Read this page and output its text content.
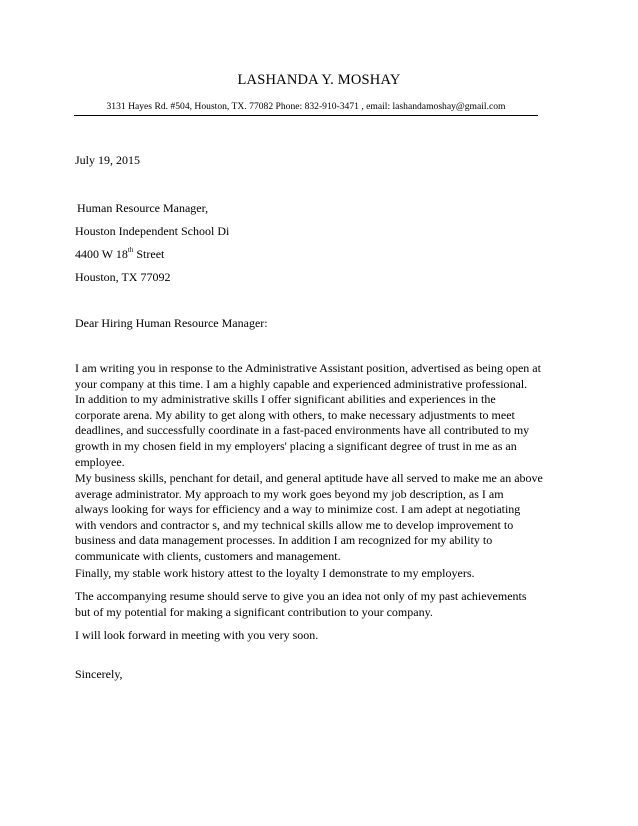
LASHANDA Y. MOSHAY
3131 Hayes Rd. #504, Houston, TX. 77082 Phone: 832-910-3471 , email: lashandamoshay@gmail.com
July 19, 2015
Human Resource Manager,
Houston Independent School Di
4400 W 18th Street
Houston, TX 77092
Dear Hiring Human Resource Manager:
I am writing you in response to the Administrative Assistant position, advertised as being open at
your company at this time. I am a highly capable and experienced administrative professional.
In addition to my administrative skills I offer significant abilities and experiences in the
corporate arena. My ability to get along with others, to make necessary adjustments to meet
deadlines, and successfully coordinate in a fast-paced environments have all contributed to my
growth in my chosen field in my employers' placing a significant degree of trust in me as an
employee.
My business skills, penchant for detail, and general aptitude have all served to make me an above
average administrator. My approach to my work goes beyond my job description, as I am
always looking for ways for efficiency and a way to minimize cost. I am adept at negotiating
with vendors and contractor s, and my technical skills allow me to develop improvement to
business and data management processes. In addition I am recognized for my ability to
communicate with clients, customers and management.
Finally, my stable work history attest to the loyalty I demonstrate to my employers.
The accompanying resume should serve to give you an idea not only of my past achievements
but of my potential for making a significant contribution to your company.
I will look forward in meeting with you very soon.
Sincerely,
